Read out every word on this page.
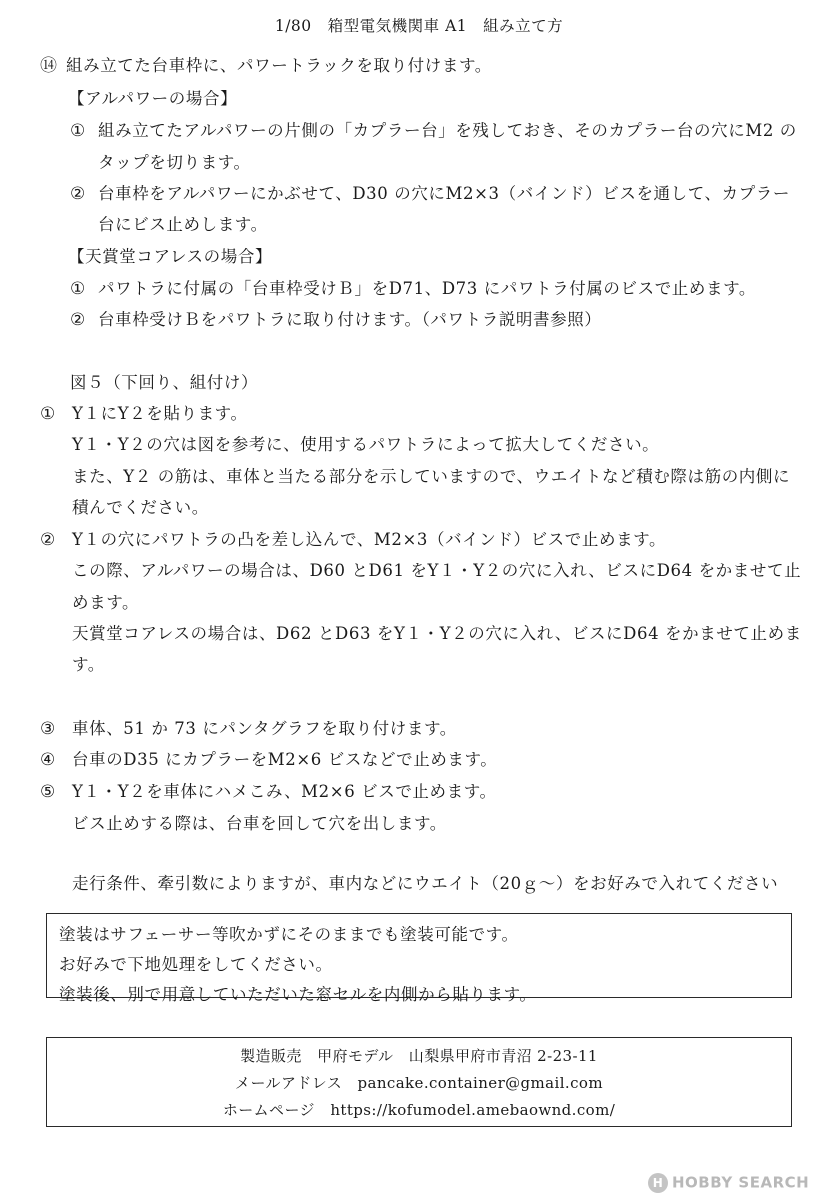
1/80　箱型電気機関車 A1　組み立て方
⑭ 組み立てた台車枠に、パワートラックを取り付けます。
【アルパワーの場合】
① 組み立てたアルパワーの片側の「カプラー台」を残しておき、そのカプラー台の穴にM2 の
タップを切ります。
② 台車枠をアルパワーにかぶせて、D30 の穴にM2×3（バインド）ビスを通して、カプラー
台にビス止めします。
【天賞堂コアレスの場合】
① パワトラに付属の「台車枠受けＢ」をD71、D73 にパワトラ付属のビスで止めます。
② 台車枠受けＢをパワトラに取り付けます。（パワトラ説明書参照）
図５（下回り、組付け）
① Y１にY２を貼ります。
Y１・Y２の穴は図を参考に、使用するパワトラによって拡大してください。
また、Y２ の筋は、車体と当たる部分を示していますので、ウエイトなど積む際は筋の内側に
積んでください。
② Y１の穴にパワトラの凸を差し込んで、M2×3（バインド）ビスで止めます。
この際、アルパワーの場合は、D60 とD61 をY１・Y２の穴に入れ、ビスにD64 をかませて止
めます。
天賞堂コアレスの場合は、D62 とD63 をY１・Y２の穴に入れ、ビスにD64 をかませて止めま
す。
③ 車体、51 か 73 にパンタグラフを取り付けます。
④ 台車のD35 にカプラーをM2×6 ビスなどで止めます。
⑤ Y１・Y２を車体にハメこみ、M2×6 ビスで止めます。
ビス止めする際は、台車を回して穴を出します。
走行条件、牽引数によりますが、車内などにウエイト（20ｇ～）をお好みで入れてください
塗装はサフェーサー等吹かずにそのままでも塗装可能です。
お好みで下地処理をしてください。
塗装後、別で用意していただいた窓セルを内側から貼ります。
製造販売　甲府モデル　山梨県甲府市青沼 2-23-11
メールアドレス　pancake.container@gmail.com
ホームページ　https://kofumodel.amebaownd.com/
H HOBBY SEARCH
